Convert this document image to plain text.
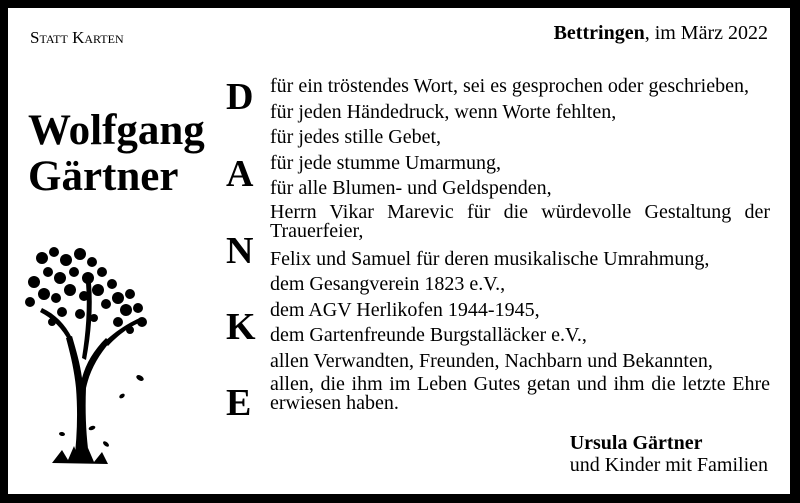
Statt Karten	Bettringen, im März 2022
Wolfgang
Gärtner
D
A
N
K
E
für ein tröstendes Wort, sei es gesprochen oder geschrieben,
für jeden Händedruck, wenn Worte fehlten,
für jedes stille Gebet,
für jede stumme Umarmung,
für alle Blumen- und Geldspenden,
Herrn Vikar Marevic für die würdevolle Gestaltung der
Trauerfeier,
Felix und Samuel für deren musikalische Umrahmung,
dem Gesangverein 1823 e.V.,
dem AGV Herlikofen 1944-1945,
dem Gartenfreunde Burgstalläcker e.V.,
allen Verwandten, Freunden, Nachbarn und Bekannten,
allen, die ihm im Leben Gutes getan und ihm die letzte Ehre
erwiesen haben.
Ursula Gärtner
und Kinder mit Familien
